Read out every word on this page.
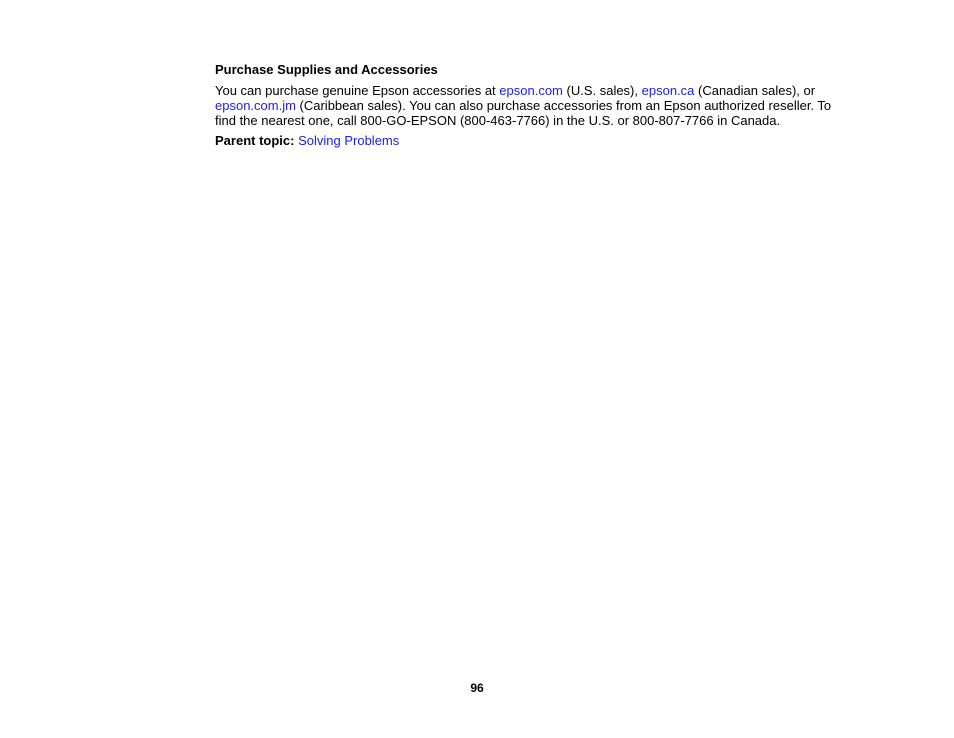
Purchase Supplies and Accessories

You can purchase genuine Epson accessories at epson.com (U.S. sales), epson.ca (Canadian sales), or
epson.com.jm (Caribbean sales). You can also purchase accessories from an Epson authorized reseller. To find the nearest one, call 800-GO-EPSON (800-463-7766) in the U.S. or 800-807-7766 in Canada.

Parent topic: Solving Problems

96
